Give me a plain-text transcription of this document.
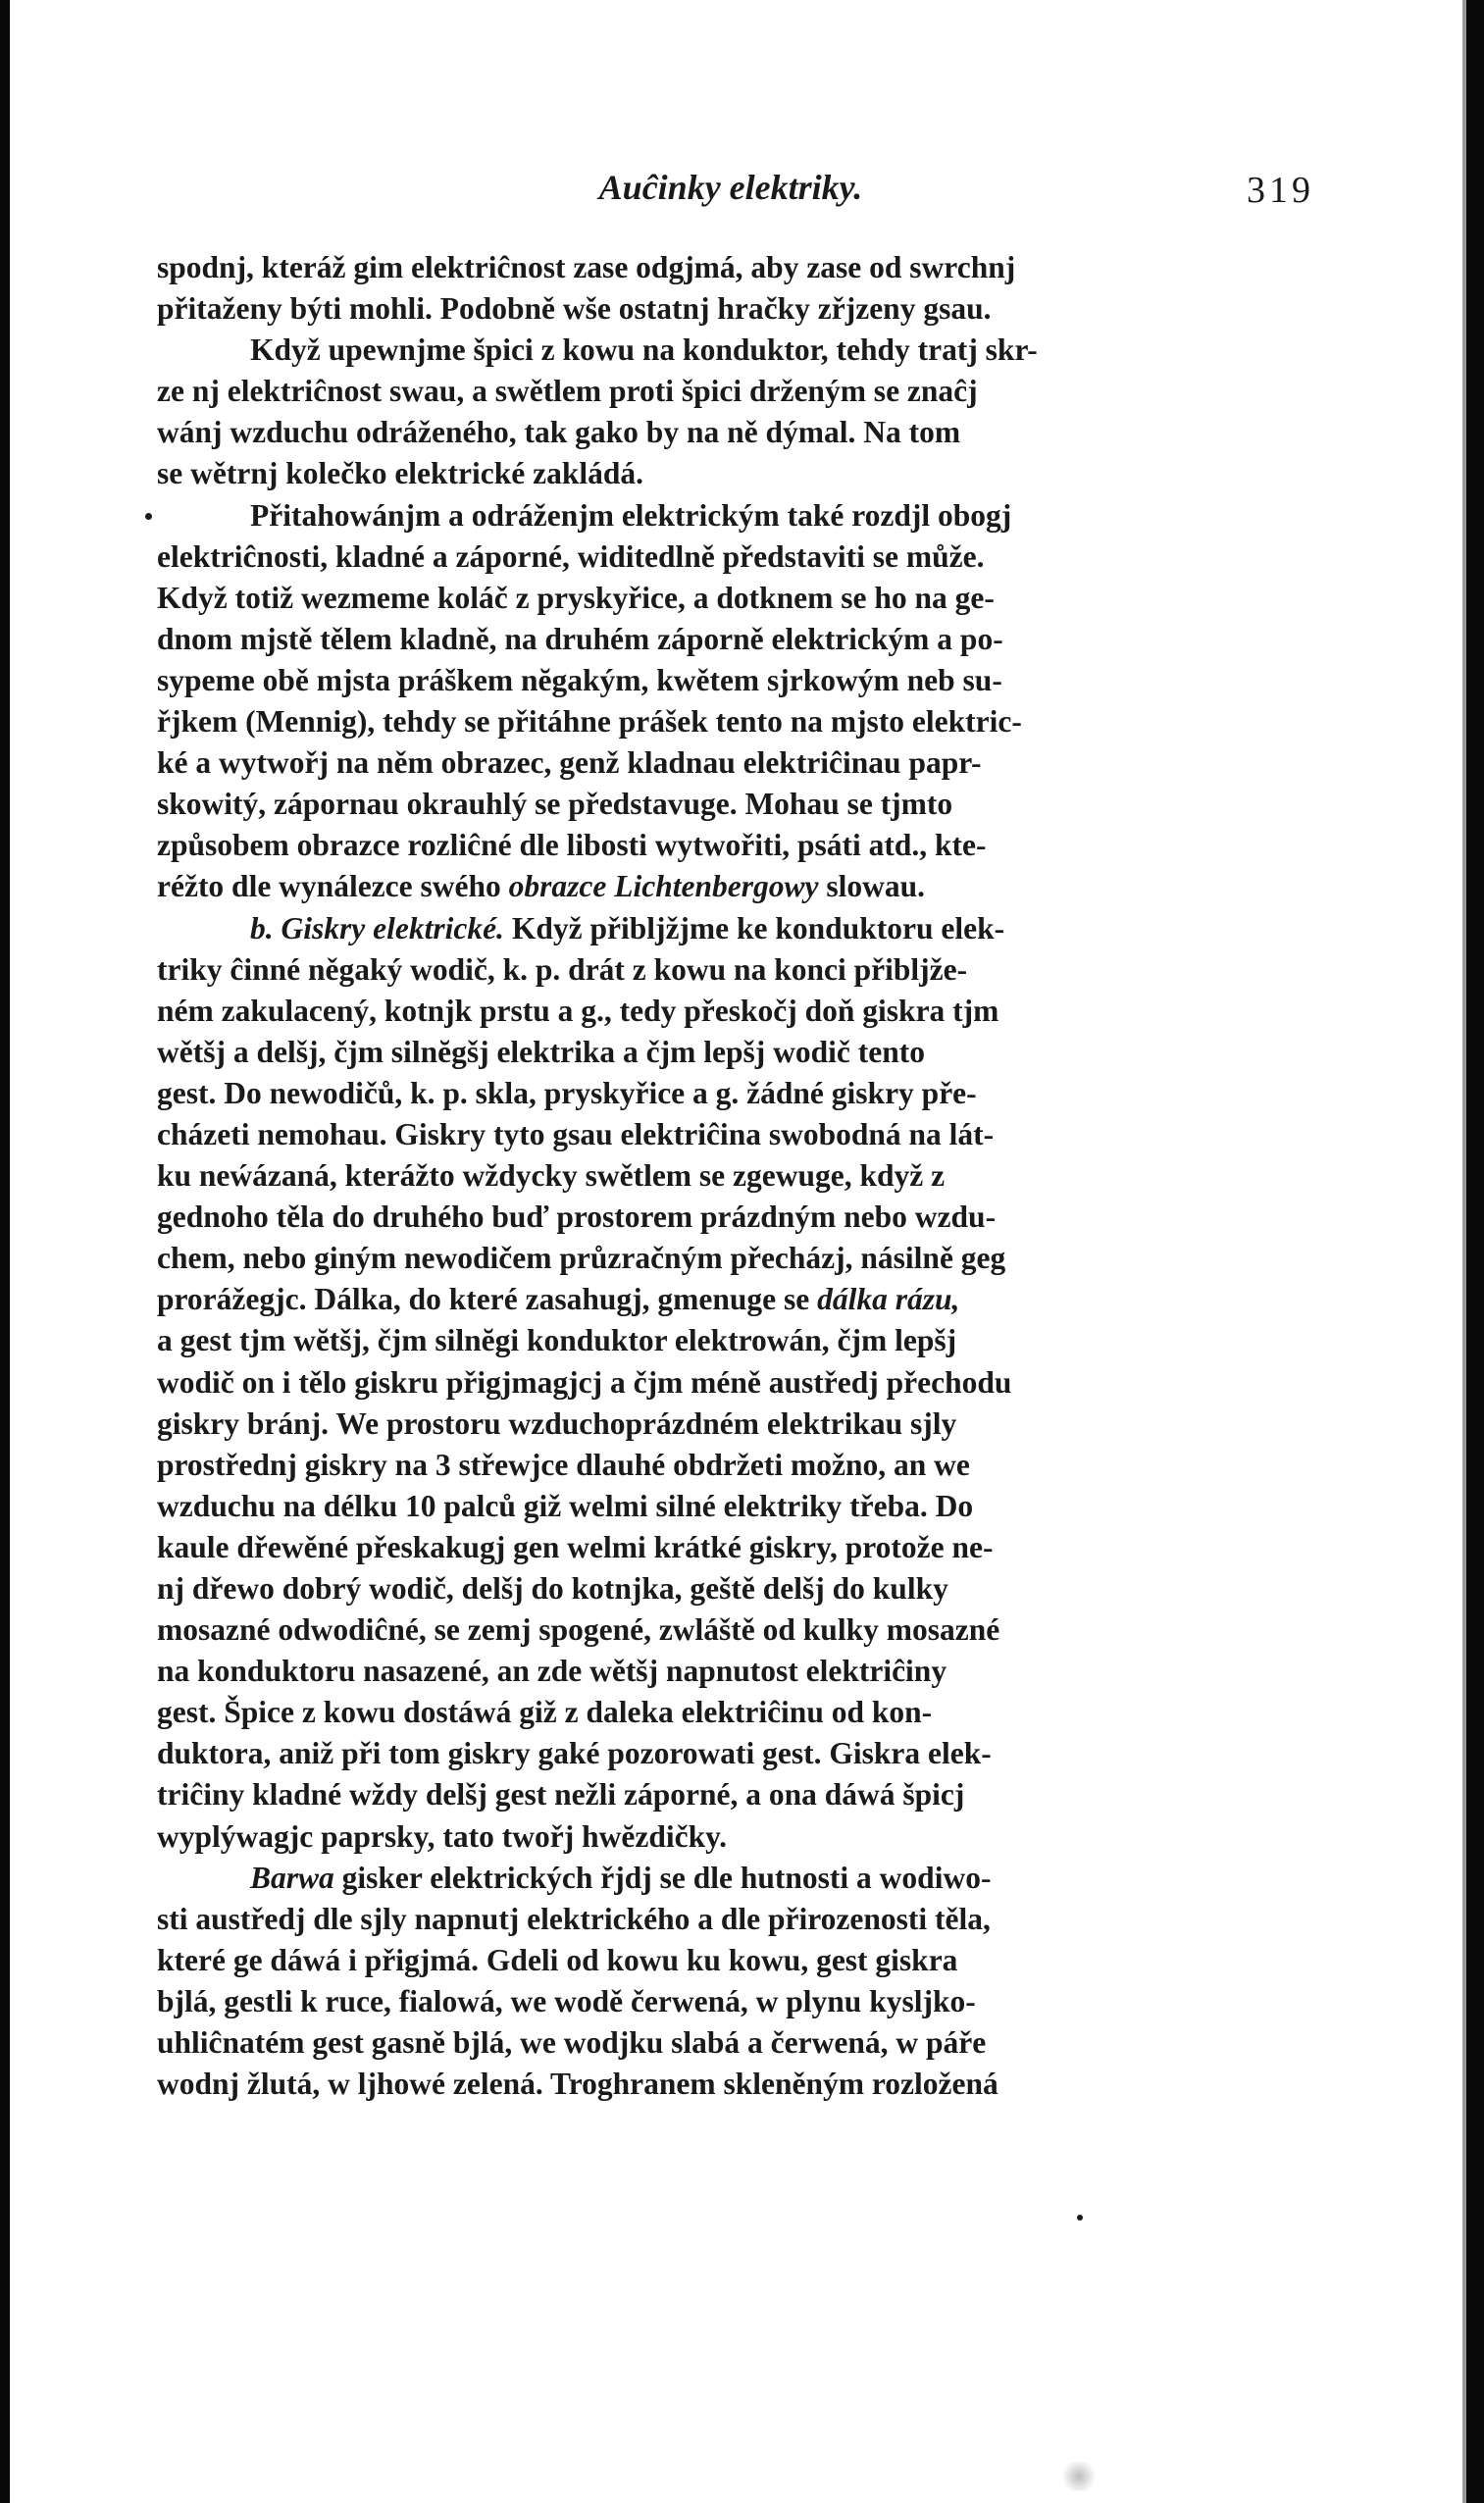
Auĉinky elektriky.	319
spodnj, kteráž gim elektriĉnost zase odgjmá, aby zase od swrchnj
přitaženy býti mohli. Podobně wše ostatnj hračky zřjzeny gsau.
Když upewnjme špici z kowu na konduktor, tehdy tratj skr-
ze nj elektriĉnost swau, a swětlem proti špici drženým se znaĉj
wánj wzduchu odráženého, tak gako by na ně dýmal. Na tom
se wětrnj kolečko elektrické zakládá.
Přitahowánjm a odráženjm elektrickým také rozdjl obogj
elektriĉnosti, kladné a záporné, widitedlně představiti se může.
Když totiž wezmeme koláč z pryskyřice, a dotknem se ho na ge-
dnom mjstě tělem kladně, na druhém záporně elektrickým a po-
sypeme obě mjsta práškem nĕgakým, kwětem sjrkowým neb su-
řjkem (Mennig), tehdy se přitáhne prášek tento na mjsto elektric-
ké a wytwořj na něm obrazec, genž kladnau elektriĉinau papr-
skowitý, zápornau okrauhlý se představuge. Mohau se tjmto
způsobem obrazce rozliĉné dle libosti wytwořiti, psáti atd., kte-
réžto dle wynálezce swého obrazce Lichtenbergowy slowau.
b. Giskry elektrické. Když přibljžjme ke konduktoru elek-
triky ĉinné něgaký wodič, k. p. drát z kowu na konci přibljže-
ném zakulacený, kotnjk prstu a g., tedy přeskočj doň giskra tjm
wětšj a delšj, čjm silnĕgšj elektrika a čjm lepšj wodič tento
gest. Do newodičů, k. p. skla, pryskyřice a g. žádné giskry pře-
cházeti nemohau. Giskry tyto gsau elektriĉina swobodná na lát-
ku neẃázaná, kterážto wždycky swětlem se zgewuge, když z
gednoho těla do druhého buď prostorem prázdným nebo wzdu-
chem, nebo giným newodičem průzračným přecházj, násilně geg
prorážegjc. Dálka, do které zasahugj, gmenuge se dálka rázu,
a gest tjm wĕtšj, čjm silnĕgi konduktor elektrowán, čjm lepšj
wodič on i tělo giskru přigjmagjcj a čjm méně austředj přechodu
giskry bránj. We prostoru wzduchoprázdném elektrikau sjly
prostřednj giskry na 3 střewjce dlauhé obdržeti možno, an we
wzduchu na délku 10 palců giž welmi silné elektriky třeba. Do
kaule dřewěné přeskakugj gen welmi krátké giskry, protože ne-
nj dřewo dobrý wodič, delšj do kotnjka, geště delšj do kulky
mosazné odwodiĉné, se zemj spogené, zwláště od kulky mosazné
na konduktoru nasazené, an zde wětšj napnutost elektriĉiny
gest. Špice z kowu dostáwá giž z daleka elektriĉinu od kon-
duktora, aniž při tom giskry gaké pozorowati gest. Giskra elek-
triĉiny kladné wždy delšj gest nežli záporné, a ona dáwá špicj
wyplýwagjc paprsky, tato twořj hwĕzdičky.
Barwa gisker elektrických řjdj se dle hutnosti a wodiwo-
sti austředj dle sjly napnutj elektrického a dle přirozenosti těla,
které ge dáwá i přigjmá. Gdeli od kowu ku kowu, gest giskra
bjlá, gestli k ruce, fialowá, we wodě čerwená, w plynu kysljko-
uhliĉnatém gest gasně bjlá, we wodjku slabá a čerwená, w páře
wodnj žlutá, w ljhowé zelená. Troghranem skleněným rozložená
